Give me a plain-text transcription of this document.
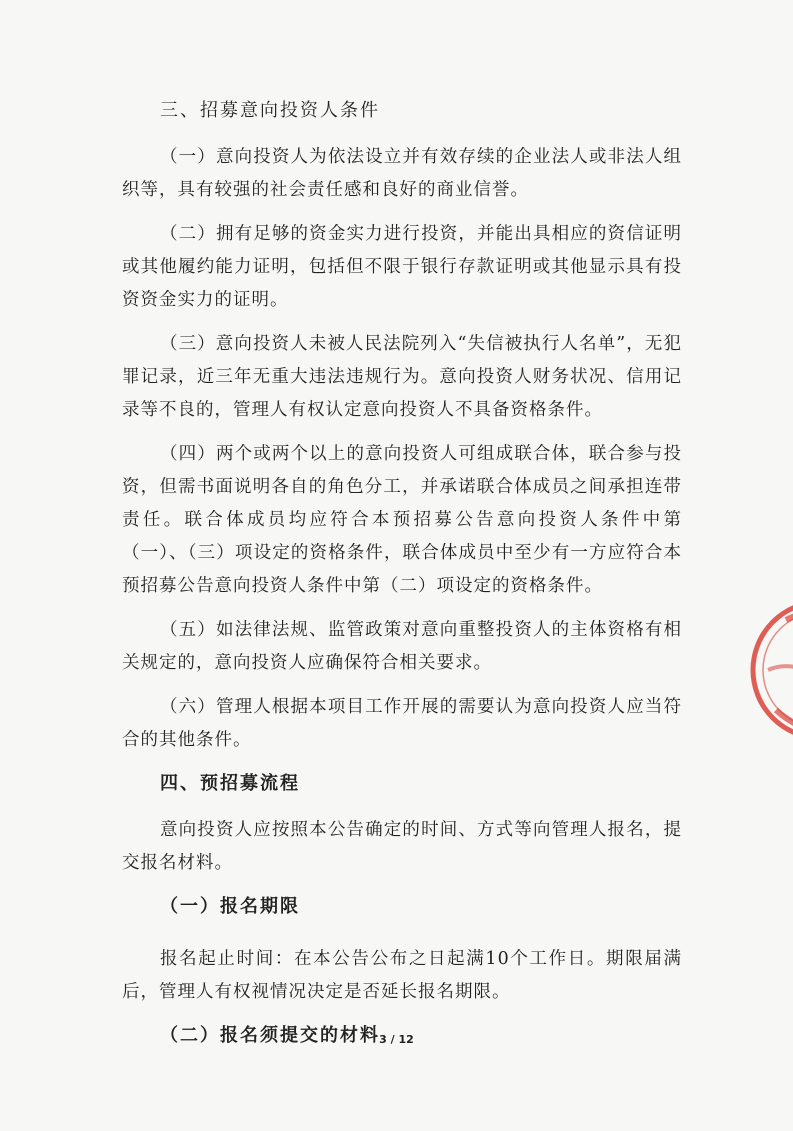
三、招募意向投资人条件

（一）意向投资人为依法设立并有效存续的企业法人或非法人组织等，具有较强的社会责任感和良好的商业信誉。

（二）拥有足够的资金实力进行投资，并能出具相应的资信证明或其他履约能力证明，包括但不限于银行存款证明或其他显示具有投资资金实力的证明。

（三）意向投资人未被人民法院列入“失信被执行人名单”，无犯罪记录，近三年无重大违法违规行为。意向投资人财务状况、信用记录等不良的，管理人有权认定意向投资人不具备资格条件。

（四）两个或两个以上的意向投资人可组成联合体，联合参与投资，但需书面说明各自的角色分工，并承诺联合体成员之间承担连带责任。联合体成员均应符合本预招募公告意向投资人条件中第（一）、（三）项设定的资格条件，联合体成员中至少有一方应符合本预招募公告意向投资人条件中第（二）项设定的资格条件。

（五）如法律法规、监管政策对意向重整投资人的主体资格有相关规定的，意向投资人应确保符合相关要求。

（六）管理人根据本项目工作开展的需要认为意向投资人应当符合的其他条件。

四、预招募流程

意向投资人应按照本公告确定的时间、方式等向管理人报名，提交报名材料。

（一）报名期限

报名起止时间：在本公告公布之日起满10个工作日。期限届满后，管理人有权视情况决定是否延长报名期限。

（二）报名须提交的材料 3 / 12
